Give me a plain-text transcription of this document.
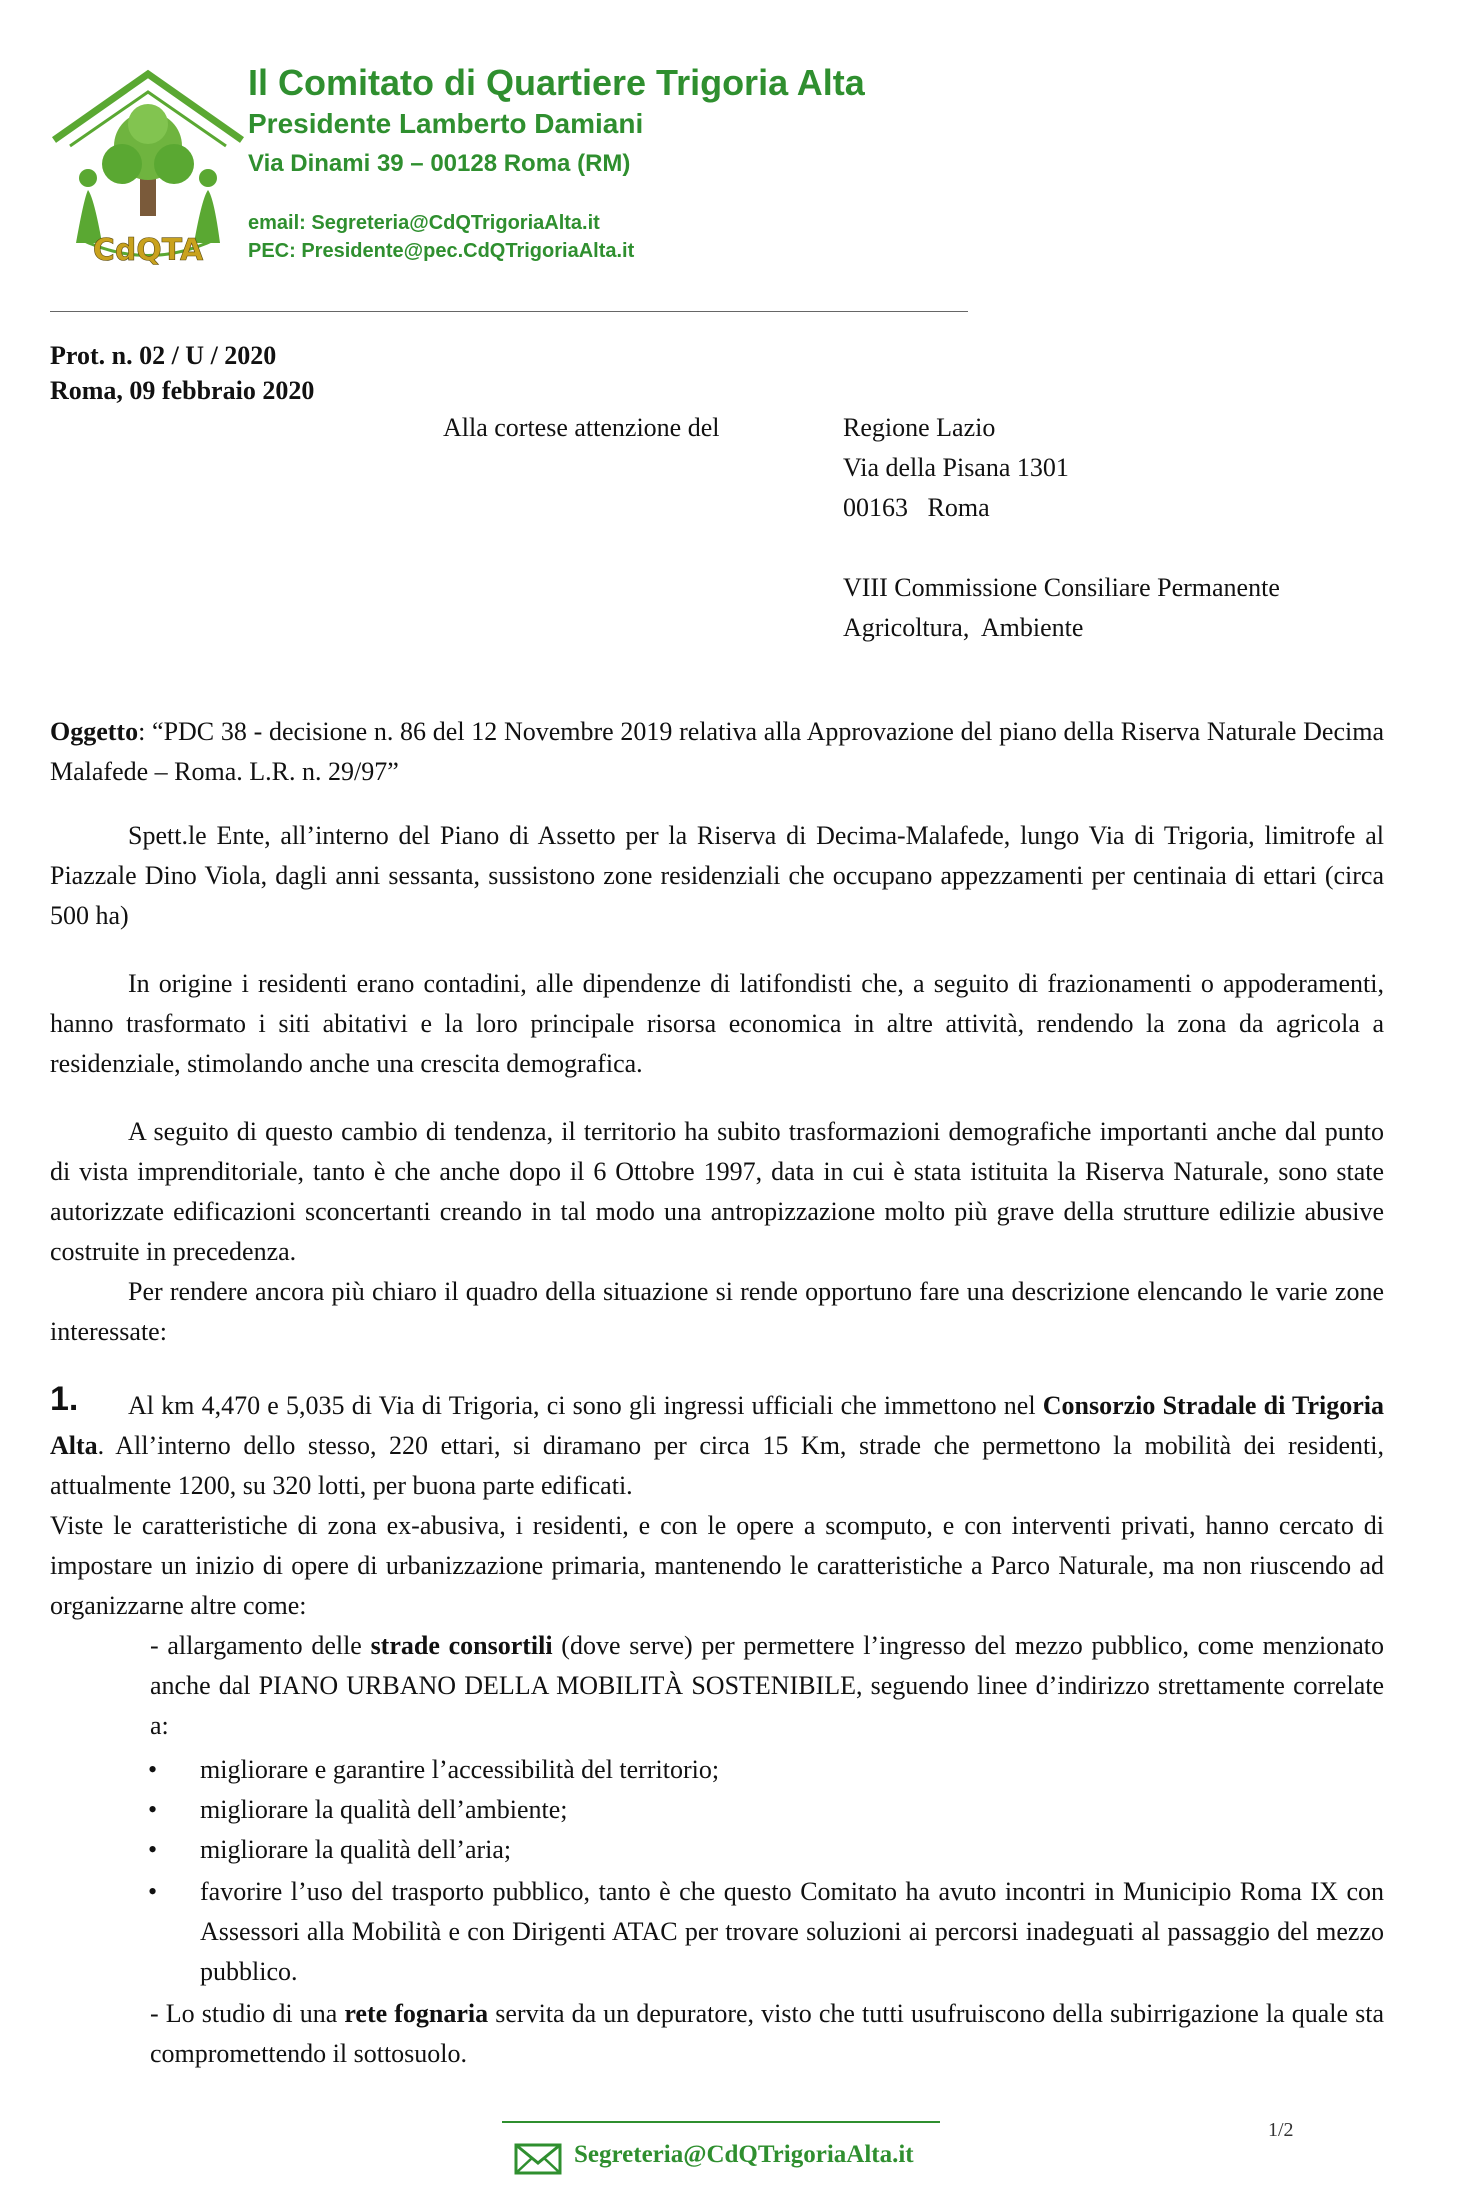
CdQTA
Il Comitato di Quartiere Trigoria Alta
Presidente Lamberto Damiani
Via Dinami 39 – 00128 Roma (RM)
email: Segreteria@CdQTrigoriaAlta.it
PEC: Presidente@pec.CdQTrigoriaAlta.it
Prot. n. 02 / U / 2020
Roma, 09 febbraio 2020
Alla cortese attenzione del	Regione Lazio
Via della Pisana 1301
00163   Roma
VIII Commissione Consiliare Permanente
Agricoltura,  Ambiente
Oggetto: “PDC 38 - decisione n. 86 del 12 Novembre 2019 relativa alla Approvazione del piano della Riserva Naturale Decima Malafede – Roma. L.R. n. 29/97”
Spett.le Ente, all’interno del Piano di Assetto per la Riserva di Decima-Malafede, lungo Via di Trigoria, limitrofe al Piazzale Dino Viola, dagli anni sessanta, sussistono zone residenziali che occupano appezzamenti per centinaia di ettari (circa 500 ha)
In origine i residenti erano contadini, alle dipendenze di latifondisti che, a seguito di frazionamenti o appoderamenti, hanno trasformato i siti abitativi e la loro principale risorsa economica in altre attività, rendendo la zona da agricola a residenziale, stimolando anche una crescita demografica.
A seguito di questo cambio di tendenza, il territorio ha subito trasformazioni demografiche importanti anche dal punto di vista imprenditoriale, tanto è che anche dopo il 6 Ottobre 1997, data in cui è stata istituita la Riserva Naturale, sono state autorizzate edificazioni sconcertanti creando in tal modo una antropizzazione molto più grave della strutture edilizie abusive costruite in precedenza.
Per rendere ancora più chiaro il quadro della situazione si rende opportuno fare una descrizione elencando le varie zone interessate:
1.	Al km 4,470 e 5,035 di Via di Trigoria, ci sono gli ingressi ufficiali che immettono nel Consorzio Stradale di Trigoria Alta. All’interno dello stesso, 220 ettari, si diramano per circa 15 Km, strade che permettono la mobilità dei residenti, attualmente 1200, su 320 lotti, per buona parte edificati.
Viste le caratteristiche di zona ex-abusiva, i residenti, e con le opere a scomputo, e con interventi privati, hanno cercato di impostare un inizio di opere di urbanizzazione primaria, mantenendo le caratteristiche a Parco Naturale, ma non riuscendo ad organizzarne altre come:
- allargamento delle strade consortili (dove serve) per permettere l’ingresso del mezzo pubblico, come menzionato anche dal PIANO URBANO DELLA MOBILITÀ SOSTENIBILE, seguendo linee d’indirizzo strettamente correlate a:
• migliorare e garantire l’accessibilità del territorio;
• migliorare la qualità dell’ambiente;
• migliorare la qualità dell’aria;
• favorire l’uso del trasporto pubblico, tanto è che questo Comitato ha avuto incontri in Municipio Roma IX con Assessori alla Mobilità e con Dirigenti ATAC per trovare soluzioni ai percorsi inadeguati al passaggio del mezzo pubblico.
- Lo studio di una rete fognaria servita da un depuratore, visto che tutti usufruiscono della subirrigazione la quale sta compromettendo il sottosuolo.
Segreteria@CdQTrigoriaAlta.it
1/2
